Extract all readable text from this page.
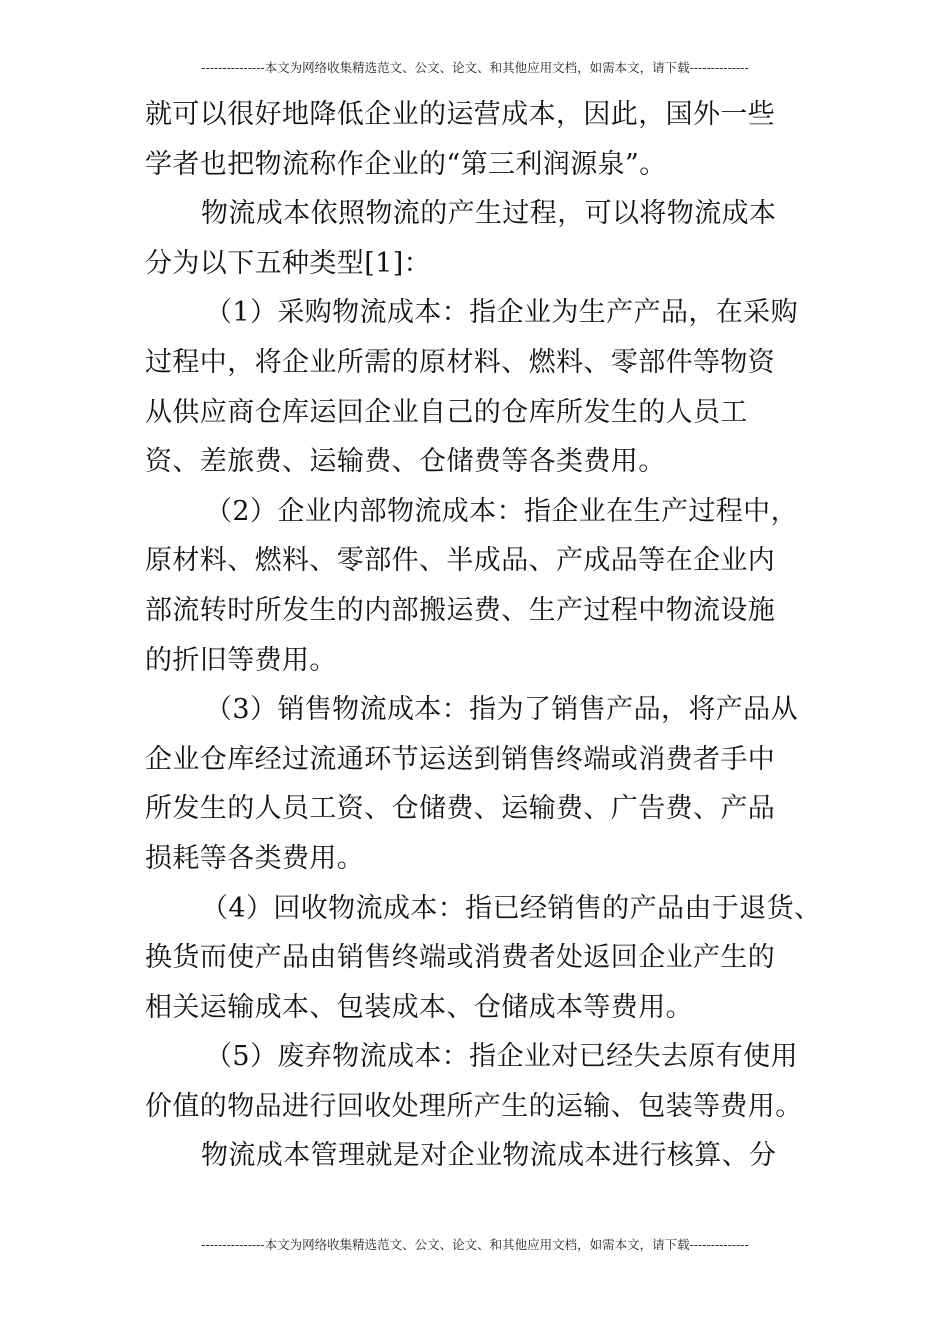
---------------本文为网络收集精选范文、公文、论文、和其他应用文档，如需本文，请下载--------------

就可以很好地降低企业的运营成本，因此，国外一些
学者也把物流称作企业的“第三利润源泉”。

物流成本依照物流的产生过程，可以将物流成本
分为以下五种类型[1]：

（1）采购物流成本：指企业为生产产品，在采购
过程中，将企业所需的原材料、燃料、零部件等物资
从供应商仓库运回企业自己的仓库所发生的人员工
资、差旅费、运输费、仓储费等各类费用。

（2）企业内部物流成本：指企业在生产过程中，
原材料、燃料、零部件、半成品、产成品等在企业内
部流转时所发生的内部搬运费、生产过程中物流设施
的折旧等费用。

（3）销售物流成本：指为了销售产品，将产品从
企业仓库经过流通环节运送到销售终端或消费者手中
所发生的人员工资、仓储费、运输费、广告费、产品
损耗等各类费用。

（4）回收物流成本：指已经销售的产品由于退货、
换货而使产品由销售终端或消费者处返回企业产生的
相关运输成本、包装成本、仓储成本等费用。

（5）废弃物流成本：指企业对已经失去原有使用
价值的物品进行回收处理所产生的运输、包装等费用。

物流成本管理就是对企业物流成本进行核算、分

---------------本文为网络收集精选范文、公文、论文、和其他应用文档，如需本文，请下载--------------
